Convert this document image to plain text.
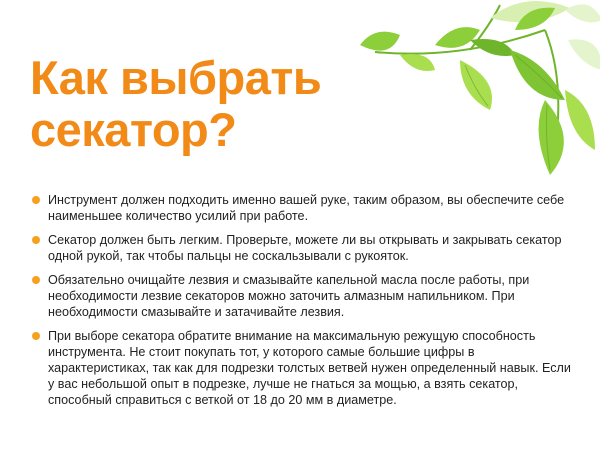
Как выбрать
секатор?
Инструмент должен подходить именно вашей руке, таким образом, вы обеспечите себе наименьшее количество усилий при работе.
Секатор должен быть легким. Проверьте, можете ли вы открывать и закрывать секатор одной рукой, так чтобы пальцы не соскальзывали с рукояток.
Обязательно очищайте лезвия и смазывайте капельной масла после работы, при необходимости лезвие секаторов можно заточить алмазным напильником. При необходимости смазывайте и затачивайте лезвия.
При выборе секатора обратите внимание на максимальную режущую способность инструмента. Не стоит покупать тот, у которого самые большие цифры в характеристиках, так как для подрезки толстых ветвей нужен определенный навык. Если у вас небольшой опыт в подрезке, лучше не гнаться за мощью, а взять секатор, способный справиться с веткой от 18 до 20 мм в диаметре.
